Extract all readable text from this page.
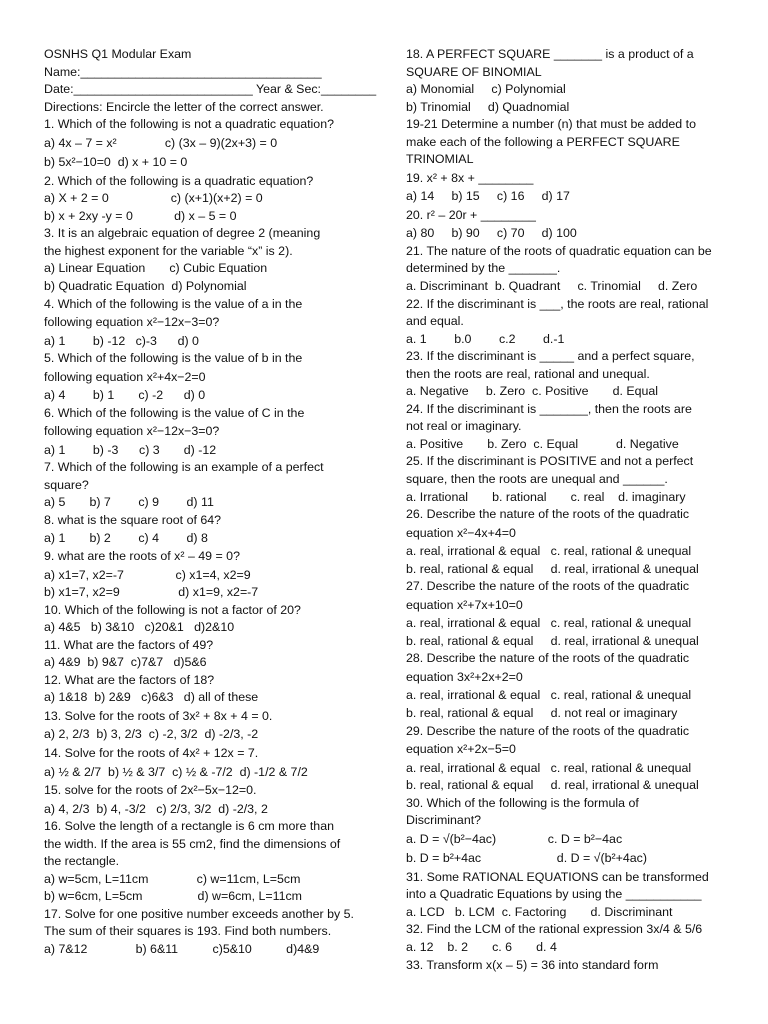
OSNHS Q1 Modular Exam
Name:___________________________________
Date:__________________________ Year & Sec:________
Directions: Encircle the letter of the correct answer.
1. Which of the following is not a quadratic equation?
a) 4x – 7 = x²              c) (3x – 9)(2x+3) = 0
b) 5x²−10=0  d) x + 10 = 0
2. Which of the following is a quadratic equation?
a) X + 2 = 0                  c) (x+1)(x+2) = 0
b) x + 2xy -y = 0            d) x – 5 = 0
3. It is an algebraic equation of degree 2 (meaning
the highest exponent for the variable “x” is 2).
a) Linear Equation       c) Cubic Equation
b) Quadratic Equation  d) Polynomial
4. Which of the following is the value of a in the
following equation x²−12x−3=0?
a) 1        b) -12   c)-3      d) 0
5. Which of the following is the value of b in the
following equation x²+4x−2=0
a) 4        b) 1       c) -2      d) 0
6. Which of the following is the value of C in the
following equation x²−12x−3=0?
a) 1        b) -3      c) 3       d) -12
7. Which of the following is an example of a perfect
square?
a) 5       b) 7        c) 9        d) 11
8. what is the square root of 64?
a) 1       b) 2        c) 4        d) 8
9. what are the roots of x² – 49 = 0?
a) x1=7, x2=-7               c) x1=4, x2=9
b) x1=7, x2=9                 d) x1=9, x2=-7
10. Which of the following is not a factor of 20?
a) 4&5   b) 3&10   c)20&1   d)2&10
11. What are the factors of 49?
a) 4&9  b) 9&7  c)7&7   d)5&6
12. What are the factors of 18?
a) 1&18  b) 2&9   c)6&3   d) all of these
13. Solve for the roots of 3x² + 8x + 4 = 0.
a) 2, 2/3  b) 3, 2/3  c) -2, 3/2  d) -2/3, -2
14. Solve for the roots of 4x² + 12x = 7.
a) ½ & 2/7  b) ½ & 3/7  c) ½ & -7/2  d) -1/2 & 7/2
15. solve for the roots of 2x²−5x−12=0.
a) 4, 2/3  b) 4, -3/2   c) 2/3, 3/2  d) -2/3, 2
16. Solve the length of a rectangle is 6 cm more than
the width. If the area is 55 cm2, find the dimensions of
the rectangle.
a) w=5cm, L=11cm              c) w=11cm, L=5cm
b) w=6cm, L=5cm                d) w=6cm, L=11cm
17. Solve for one positive number exceeds another by 5.
The sum of their squares is 193. Find both numbers.
a) 7&12              b) 6&11          c)5&10          d)4&9
18. A PERFECT SQUARE _______ is a product of a
SQUARE OF BINOMIAL
a) Monomial     c) Polynomial
b) Trinomial     d) Quadnomial
19-21 Determine a number (n) that must be added to
make each of the following a PERFECT SQUARE
TRINOMIAL
19. x² + 8x + ________
a) 14     b) 15     c) 16     d) 17
20. r² – 20r + ________
a) 80     b) 90     c) 70     d) 100
21. The nature of the roots of quadratic equation can be
determined by the _______.
a. Discriminant  b. Quadrant     c. Trinomial     d. Zero
22. If the discriminant is ___, the roots are real, rational
and equal.
a. 1        b.0        c.2        d.-1
23. If the discriminant is _____ and a perfect square,
then the roots are real, rational and unequal.
a. Negative     b. Zero  c. Positive       d. Equal
24. If the discriminant is _______, then the roots are
not real or imaginary.
a. Positive       b. Zero  c. Equal           d. Negative
25. If the discriminant is POSITIVE and not a perfect
square, then the roots are unequal and ______.
a. Irrational       b. rational       c. real    d. imaginary
26. Describe the nature of the roots of the quadratic
equation x²−4x+4=0
a. real, irrational & equal   c. real, rational & unequal
b. real, rational & equal     d. real, irrational & unequal
27. Describe the nature of the roots of the quadratic
equation x²+7x+10=0
a. real, irrational & equal   c. real, rational & unequal
b. real, rational & equal     d. real, irrational & unequal
28. Describe the nature of the roots of the quadratic
equation 3x²+2x+2=0
a. real, irrational & equal   c. real, rational & unequal
b. real, rational & equal     d. not real or imaginary
29. Describe the nature of the roots of the quadratic
equation x²+2x−5=0
a. real, irrational & equal   c. real, rational & unequal
b. real, rational & equal     d. real, irrational & unequal
30. Which of the following is the formula of
Discriminant?
a. D = √(b²−4ac)               c. D = b²−4ac
b. D = b²+4ac                      d. D = √(b²+4ac)
31. Some RATIONAL EQUATIONS can be transformed
into a Quadratic Equations by using the ___________
a. LCD   b. LCM  c. Factoring       d. Discriminant
32. Find the LCM of the rational expression 3x/4 & 5/6
a. 12    b. 2       c. 6       d. 4
33. Transform x(x – 5) = 36 into standard form
